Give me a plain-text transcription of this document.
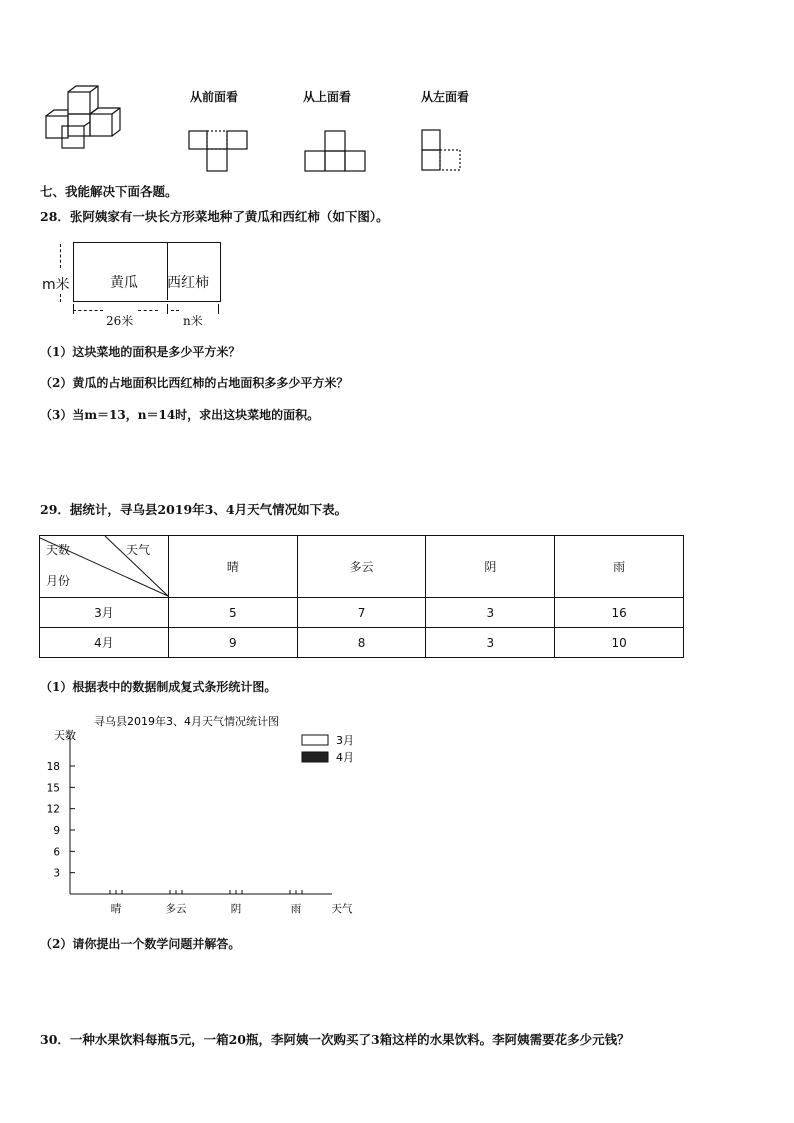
从前面看	从上面看	从左面看
七、我能解决下面各题。
28．张阿姨家有一块长方形菜地种了黄瓜和西红柿（如下图）。
黄瓜 西红柿
m米
26米	n米
（1）这块菜地的面积是多少平方米？
（2）黄瓜的占地面积比西红柿的占地面积多多少平方米？
（3）当m＝13，n＝14时，求出这块菜地的面积。
29．据统计，寻乌县2019年3、4月天气情况如下表。
天数 天气
月份	晴	多云	阴	雨
3月	5	7	3	16
4月	9	8	3	10
（1）根据表中的数据制成复式条形统计图。
寻乌县2019年3、4月天气情况统计图
天数	3月
4月
3
6
9
12
15
18
晴	多云	阴	雨	天气
（2）请你提出一个数学问题并解答。
30．一种水果饮料每瓶5元，一箱20瓶，李阿姨一次购买了3箱这样的水果饮料。李阿姨需要花多少元钱？
